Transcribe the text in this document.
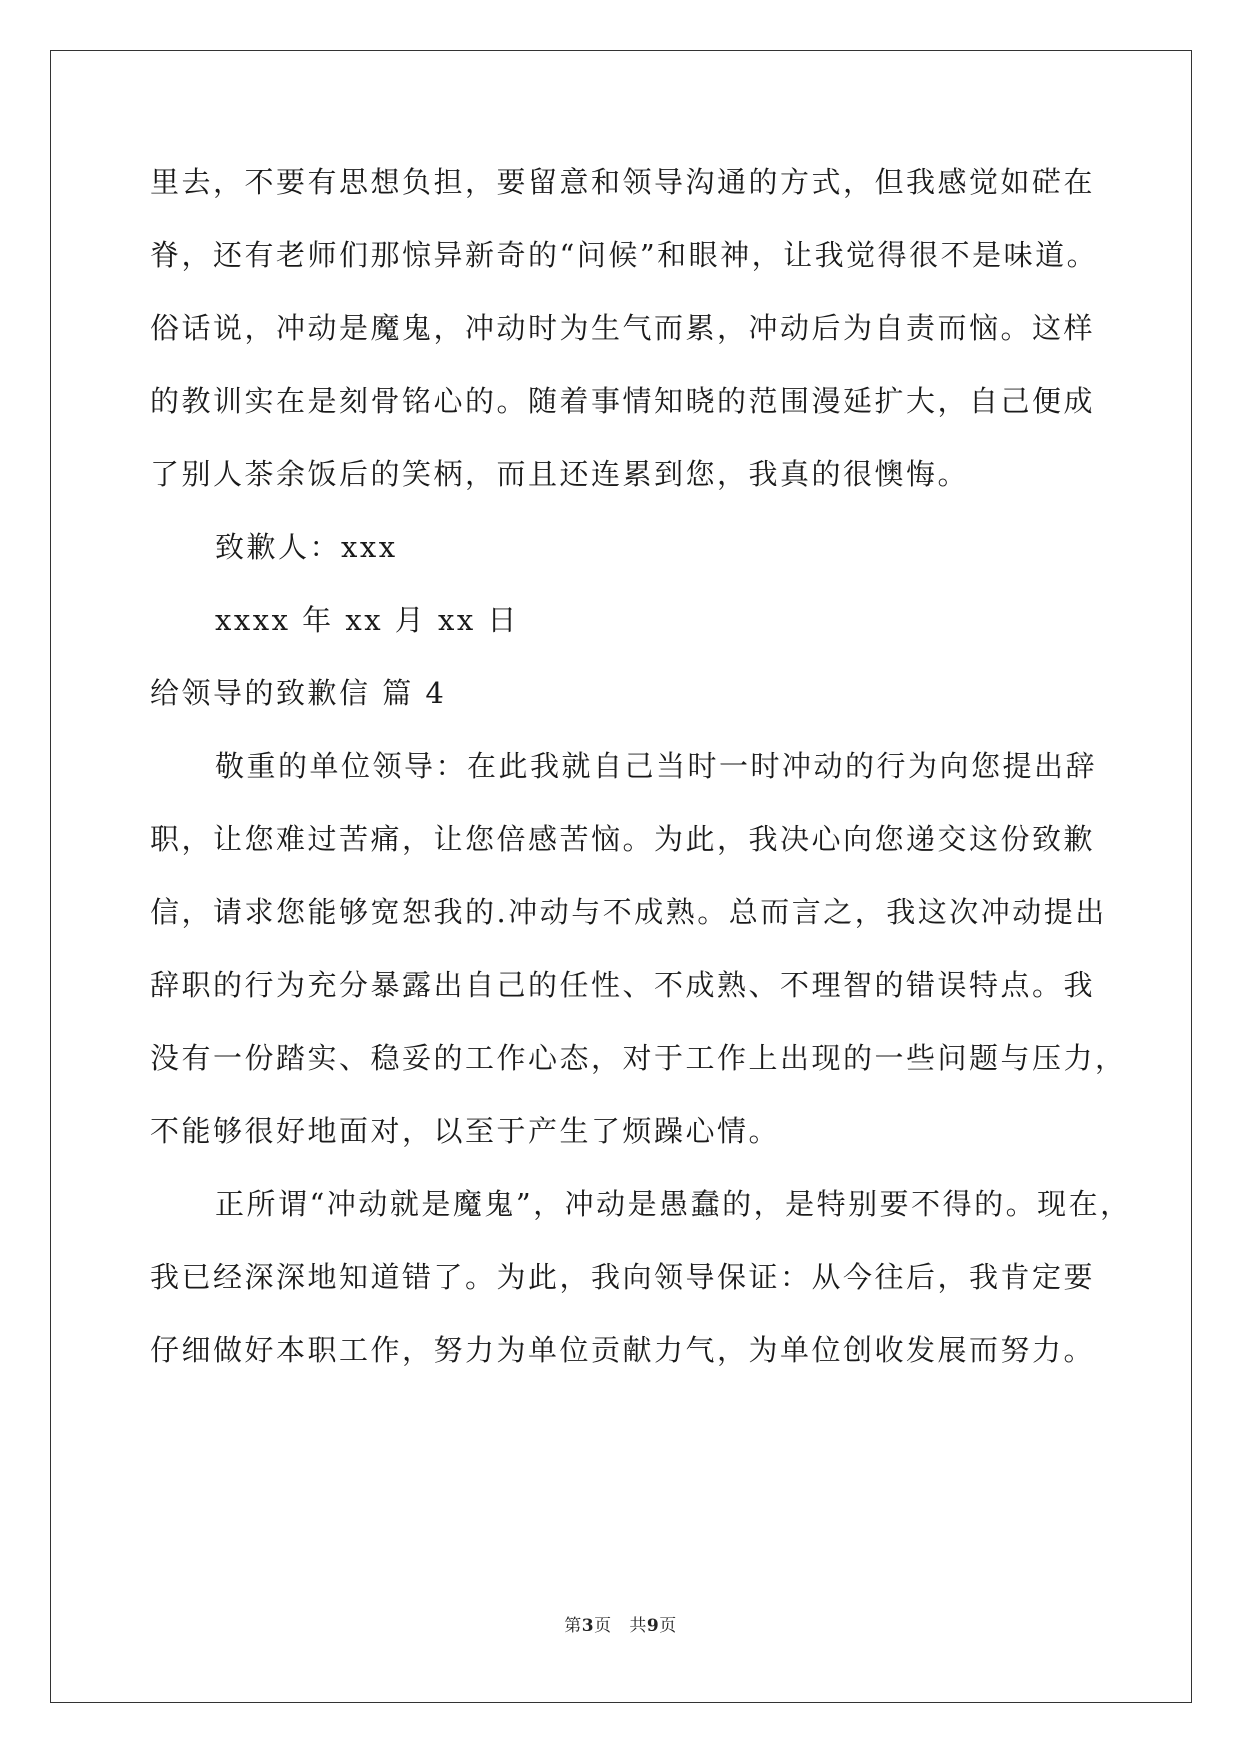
里去，不要有思想负担，要留意和领导沟通的方式，但我感觉如硭在
脊，还有老师们那惊异新奇的“问候”和眼神，让我觉得很不是味道。
俗话说，冲动是魔鬼，冲动时为生气而累，冲动后为自责而恼。这样
的教训实在是刻骨铭心的。随着事情知晓的范围漫延扩大，自己便成
了别人茶余饭后的笑柄，而且还连累到您，我真的很懊悔。
致歉人：xxx
xxxx 年 xx 月 xx 日
给领导的致歉信 篇 4
敬重的单位领导：在此我就自己当时一时冲动的行为向您提出辞
职，让您难过苦痛，让您倍感苦恼。为此，我决心向您递交这份致歉
信，请求您能够宽恕我的.冲动与不成熟。总而言之，我这次冲动提出
辞职的行为充分暴露出自己的任性、不成熟、不理智的错误特点。我
没有一份踏实、稳妥的工作心态，对于工作上出现的一些问题与压力，
不能够很好地面对，以至于产生了烦躁心情。
正所谓“冲动就是魔鬼”，冲动是愚蠢的，是特别要不得的。现在，
我已经深深地知道错了。为此，我向领导保证：从今往后，我肯定要
仔细做好本职工作，努力为单位贡献力气，为单位创收发展而努力。
第3页 共9页
